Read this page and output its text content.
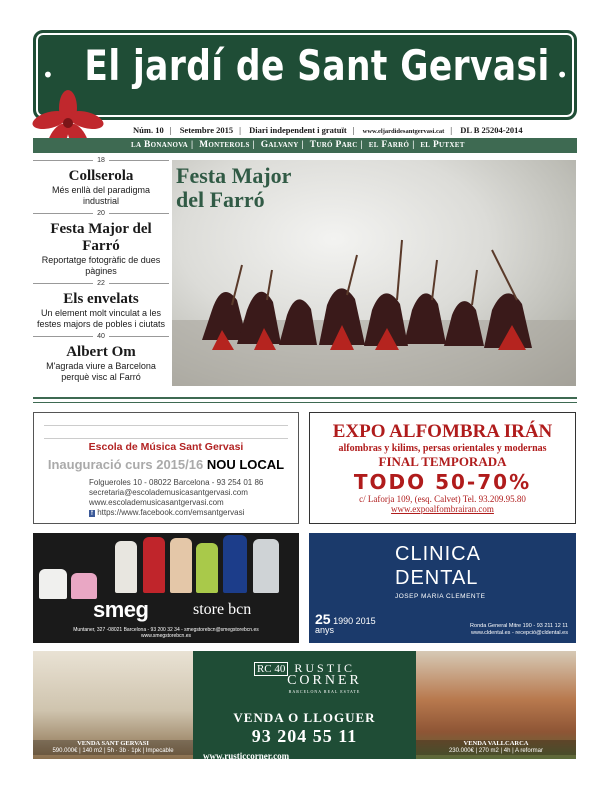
• El jardí de Sant Gervasi •
Núm. 10 | Setembre 2015 | Diari independent i gratuït | www.eljardidesantgervasi.cat | DL B 25204-2014
la Bonanova | Monterols | Galvany | Turó Parc | el Farró | el Putxet
18
Collserola
Més enllà del paradigma industrial
20
Festa Major del Farró
Reportatge fotogràfic de dues pàgines
22
Els envelats
Un element molt vinculat a les festes majors de pobles i ciutats
40
Albert Om
M'agrada viure a Barcelona perquè visc al Farró
Festa Major
del Farró
Escola de Música Sant Gervasi
Inauguració curs 2015/16 NOU LOCAL
Folgueroles 10 - 08022 Barcelona - 93 254 01 86
secretaria@escolademusicasantgervasi.com
www.escolademusicasantgervasi.com
f https://www.facebook.com/emsantgervasi
EXPO ALFOMBRA IRÁN
alfombras y kilims, persas orientales y modernas
FINAL TEMPORADA
TODO 50-70%
c/ Laforja 109, (esq. Calvet) Tel. 93.209.95.80
www.expoalfombrairan.com
smeg	store bcn
Muntaner, 327 -08021 Barcelona - 93 200 32 34 - smegstorebcn@smegstorebcn.es
www.smegstorebcn.es
CLINICA
DENTAL
JOSEP MARIA CLEMENTE
25 1990 2015
anys	Ronda General Mitre 190 - 93 211 12 11
www.cldental.es - recepció@cldental.es
VENDA SANT GERVASI
590.000€ | 140 m2 | 5h · 3b · 1pk | Impecable
RC 40 RUSTIC
CORNER
BARCELONA REAL ESTATE
VENDA O LLOGUER
93 204 55 11
www.rusticcorner.com
VENDA VALLCARCA
230.000€ | 270 m2 | 4h | A reformar
